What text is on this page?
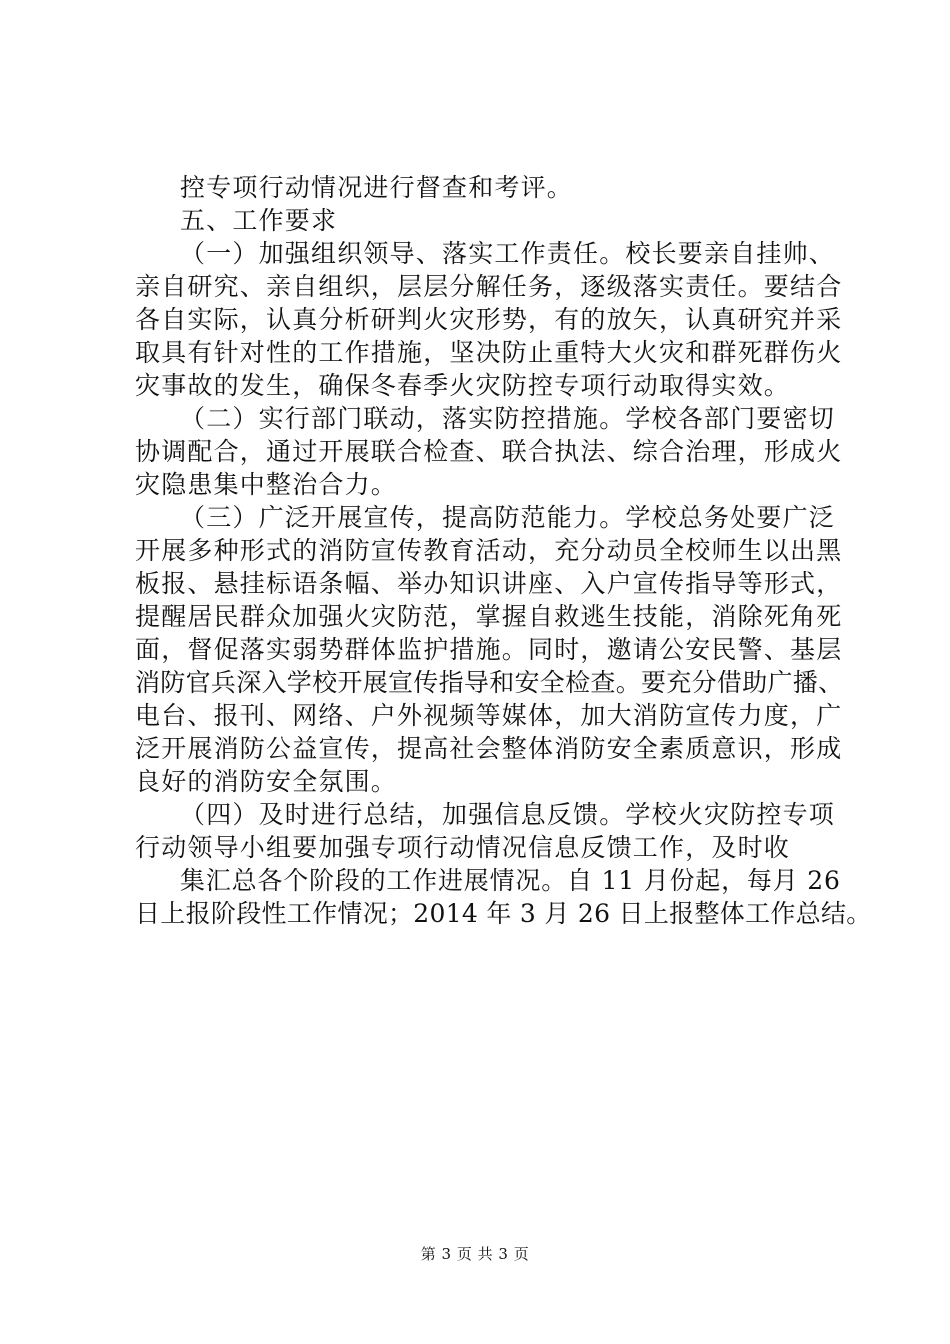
控专项行动情况进行督查和考评。
五、工作要求
（一）加强组织领导、落实工作责任。校长要亲自挂帅、
亲自研究、亲自组织，层层分解任务，逐级落实责任。要结合
各自实际，认真分析研判火灾形势，有的放矢，认真研究并采
取具有针对性的工作措施，坚决防止重特大火灾和群死群伤火
灾事故的发生，确保冬春季火灾防控专项行动取得实效。
（二）实行部门联动，落实防控措施。学校各部门要密切
协调配合，通过开展联合检查、联合执法、综合治理，形成火
灾隐患集中整治合力。
（三）广泛开展宣传，提高防范能力。学校总务处要广泛
开展多种形式的消防宣传教育活动，充分动员全校师生以出黑
板报、悬挂标语条幅、举办知识讲座、入户宣传指导等形式，
提醒居民群众加强火灾防范，掌握自救逃生技能，消除死角死
面，督促落实弱势群体监护措施。同时，邀请公安民警、基层
消防官兵深入学校开展宣传指导和安全检查。要充分借助广播、
电台、报刊、网络、户外视频等媒体，加大消防宣传力度，广
泛开展消防公益宣传，提高社会整体消防安全素质意识，形成
良好的消防安全氛围。
（四）及时进行总结，加强信息反馈。学校火灾防控专项
行动领导小组要加强专项行动情况信息反馈工作，及时收
集汇总各个阶段的工作进展情况。自 11 月份起，每月 26
日上报阶段性工作情况；2014 年 3 月 26 日上报整体工作总结。
第 3 页 共 3 页
